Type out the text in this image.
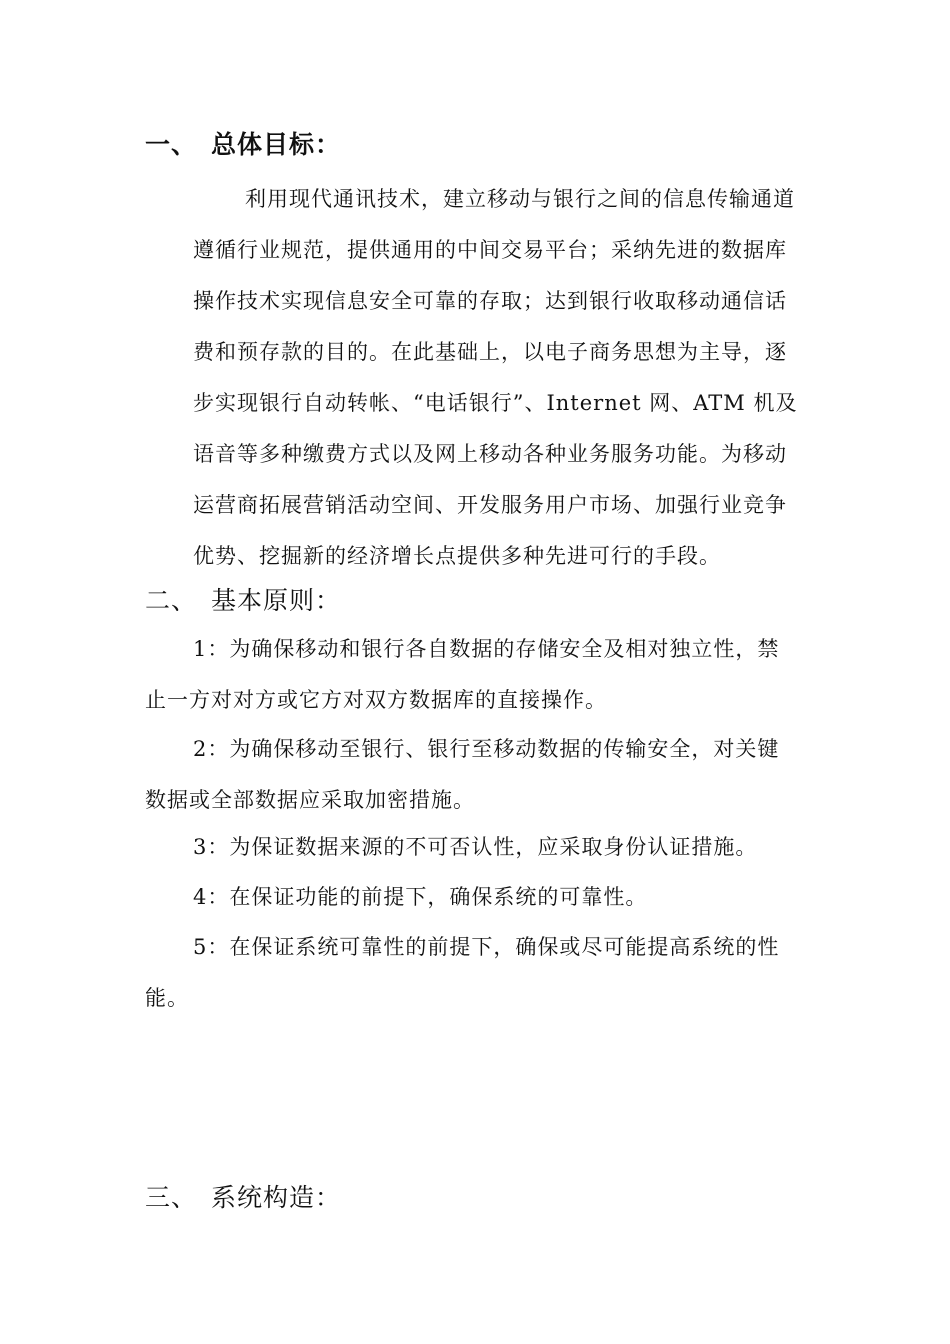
一、 总体目标：
利用现代通讯技术，建立移动与银行之间的信息传输通道
遵循行业规范，提供通用的中间交易平台；采纳先进的数据库
操作技术实现信息安全可靠的存取；达到银行收取移动通信话
费和预存款的目的。在此基础上，以电子商务思想为主导，逐
步实现银行自动转帐、“电话银行”、Internet 网、ATM 机及
语音等多种缴费方式以及网上移动各种业务服务功能。为移动
运营商拓展营销活动空间、开发服务用户市场、加强行业竞争
优势、挖掘新的经济增长点提供多种先进可行的手段。
二、 基本原则：
1：为确保移动和银行各自数据的存储安全及相对独立性，禁
止一方对对方或它方对双方数据库的直接操作。
2：为确保移动至银行、银行至移动数据的传输安全，对关键
数据或全部数据应采取加密措施。
3：为保证数据来源的不可否认性，应采取身份认证措施。
4：在保证功能的前提下，确保系统的可靠性。
5：在保证系统可靠性的前提下，确保或尽可能提高系统的性
能。
三、 系统构造：
